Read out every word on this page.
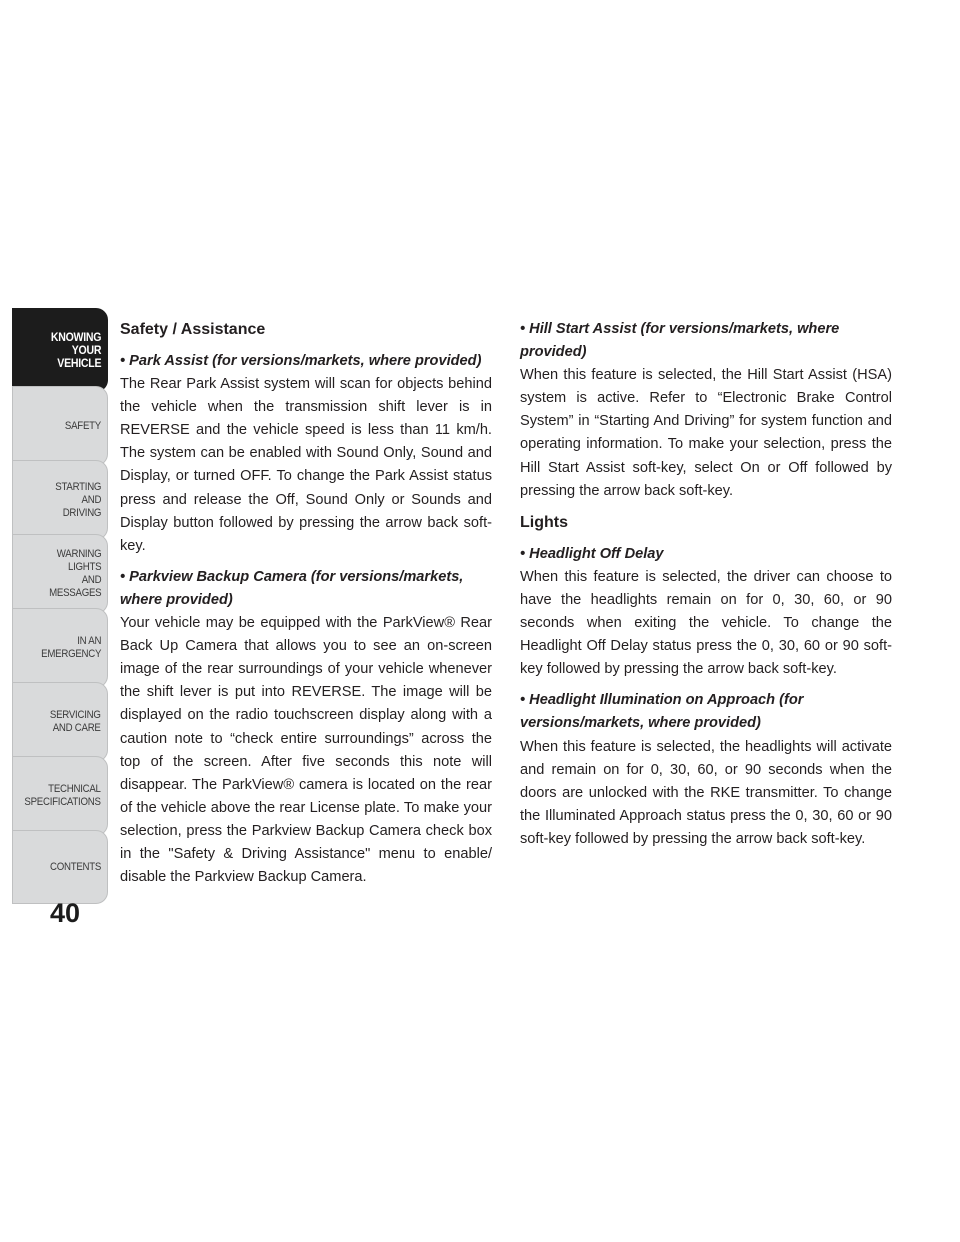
KNOWING
YOUR
VEHICLE
SAFETY
STARTING
AND
DRIVING
WARNING
LIGHTS
AND
MESSAGES
IN AN
EMERGENCY
SERVICING
AND CARE
TECHNICAL
SPECIFICATIONS
CONTENTS
40
Safety / Assistance

• Park Assist (for versions/markets, where provided)

The Rear Park Assist system will scan for objects behind the vehicle when the transmission shift lever is in REVERSE and the vehicle speed is less than 11 km/h. The system can be enabled with Sound Only, Sound and Display, or turned OFF. To change the Park Assist status press and release the Off, Sound Only or Sounds and Display button followed by pressing the arrow back soft-key.

• Parkview Backup Camera (for versions/markets, where provided)

Your vehicle may be equipped with the ParkView® Rear Back Up Camera that allows you to see an on-screen image of the rear surroundings of your vehicle whenever the shift lever is put into REVERSE. The image will be displayed on the radio touchscreen display along with a caution note to “check entire surroundings” across the top of the screen. After five seconds this note will disappear. The ParkView® camera is located on the rear of the vehicle above the rear License plate. To make your selection, press the Parkview Backup Camera check box in the "Safety & Driving Assistance" menu to enable/ disable the Parkview Backup Camera.

• Hill Start Assist (for versions/markets, where provided)

When this feature is selected, the Hill Start Assist (HSA) system is active. Refer to “Electronic Brake Control System” in “Starting And Driving” for system function and operating information. To make your selection, press the Hill Start Assist soft-key, select On or Off followed by pressing the arrow back soft-key.

Lights

• Headlight Off Delay

When this feature is selected, the driver can choose to have the headlights remain on for 0, 30, 60, or 90 seconds when exiting the vehicle. To change the Headlight Off Delay status press the 0, 30, 60 or 90 soft-key followed by pressing the arrow back soft-key.

• Headlight Illumination on Approach (for versions/markets, where provided)

When this feature is selected, the headlights will activate and remain on for 0, 30, 60, or 90 seconds when the doors are unlocked with the RKE transmitter. To change the Illuminated Approach status press the 0, 30, 60 or 90 soft-key followed by pressing the arrow back soft-key.
